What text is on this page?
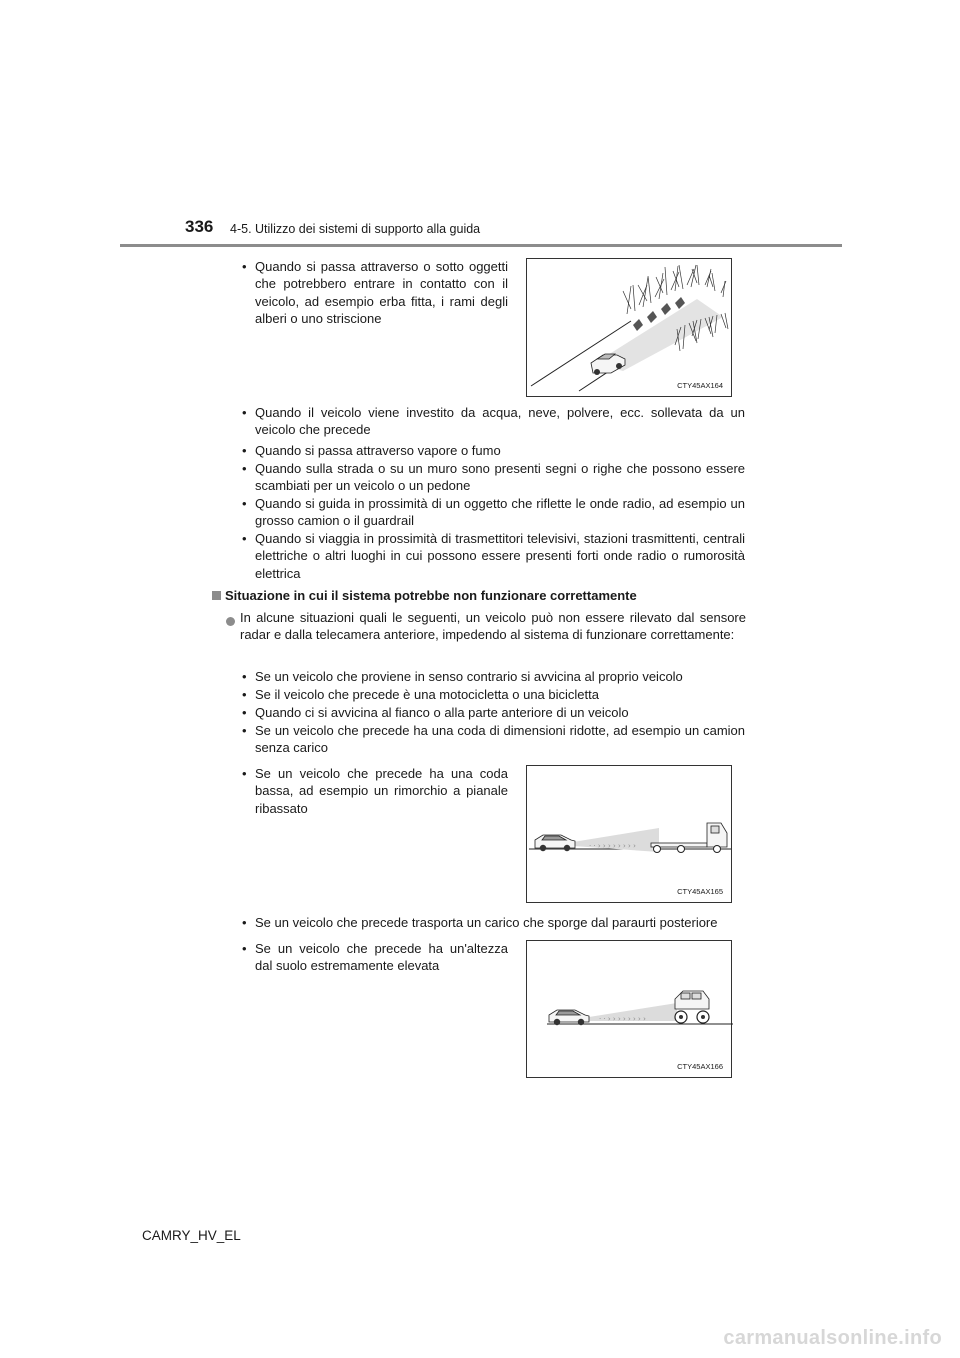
336 4-5. Utilizzo dei sistemi di supporto alla guida
• Quando si passa attraverso o sotto oggetti che potrebbero entrare in contatto con il veicolo, ad esempio erba fitta, i rami degli alberi o uno striscione
CTY45AX164
• Quando il veicolo viene investito da acqua, neve, polvere, ecc. sollevata da un veicolo che precede
• Quando si passa attraverso vapore o fumo
• Quando sulla strada o su un muro sono presenti segni o righe che possono essere scambiati per un veicolo o un pedone
• Quando si guida in prossimità di un oggetto che riflette le onde radio, ad esempio un grosso camion o il guardrail
• Quando si viaggia in prossimità di trasmettitori televisivi, stazioni trasmittenti, centrali elettriche o altri luoghi in cui possono essere presenti forti onde radio o rumorosità elettrica
Situazione in cui il sistema potrebbe non funzionare correttamente
In alcune situazioni quali le seguenti, un veicolo può non essere rilevato dal sensore radar e dalla telecamera anteriore, impedendo al sistema di funzionare correttamente:
• Se un veicolo che proviene in senso contrario si avvicina al proprio veicolo
• Se il veicolo che precede è una motocicletta o una bicicletta
• Quando ci si avvicina al fianco o alla parte anteriore di un veicolo
• Se un veicolo che precede ha una coda di dimensioni ridotte, ad esempio un camion senza carico
• Se un veicolo che precede ha una coda bassa, ad esempio un rimorchio a pianale ribassato
· · › › › › › › › ›
CTY45AX165
• Se un veicolo che precede trasporta un carico che sporge dal paraurti posteriore
• Se un veicolo che precede ha un'altezza dal suolo estremamente elevata
· · › › › › › › › ›
CTY45AX166
CAMRY_HV_EL
carmanualsonline.info
